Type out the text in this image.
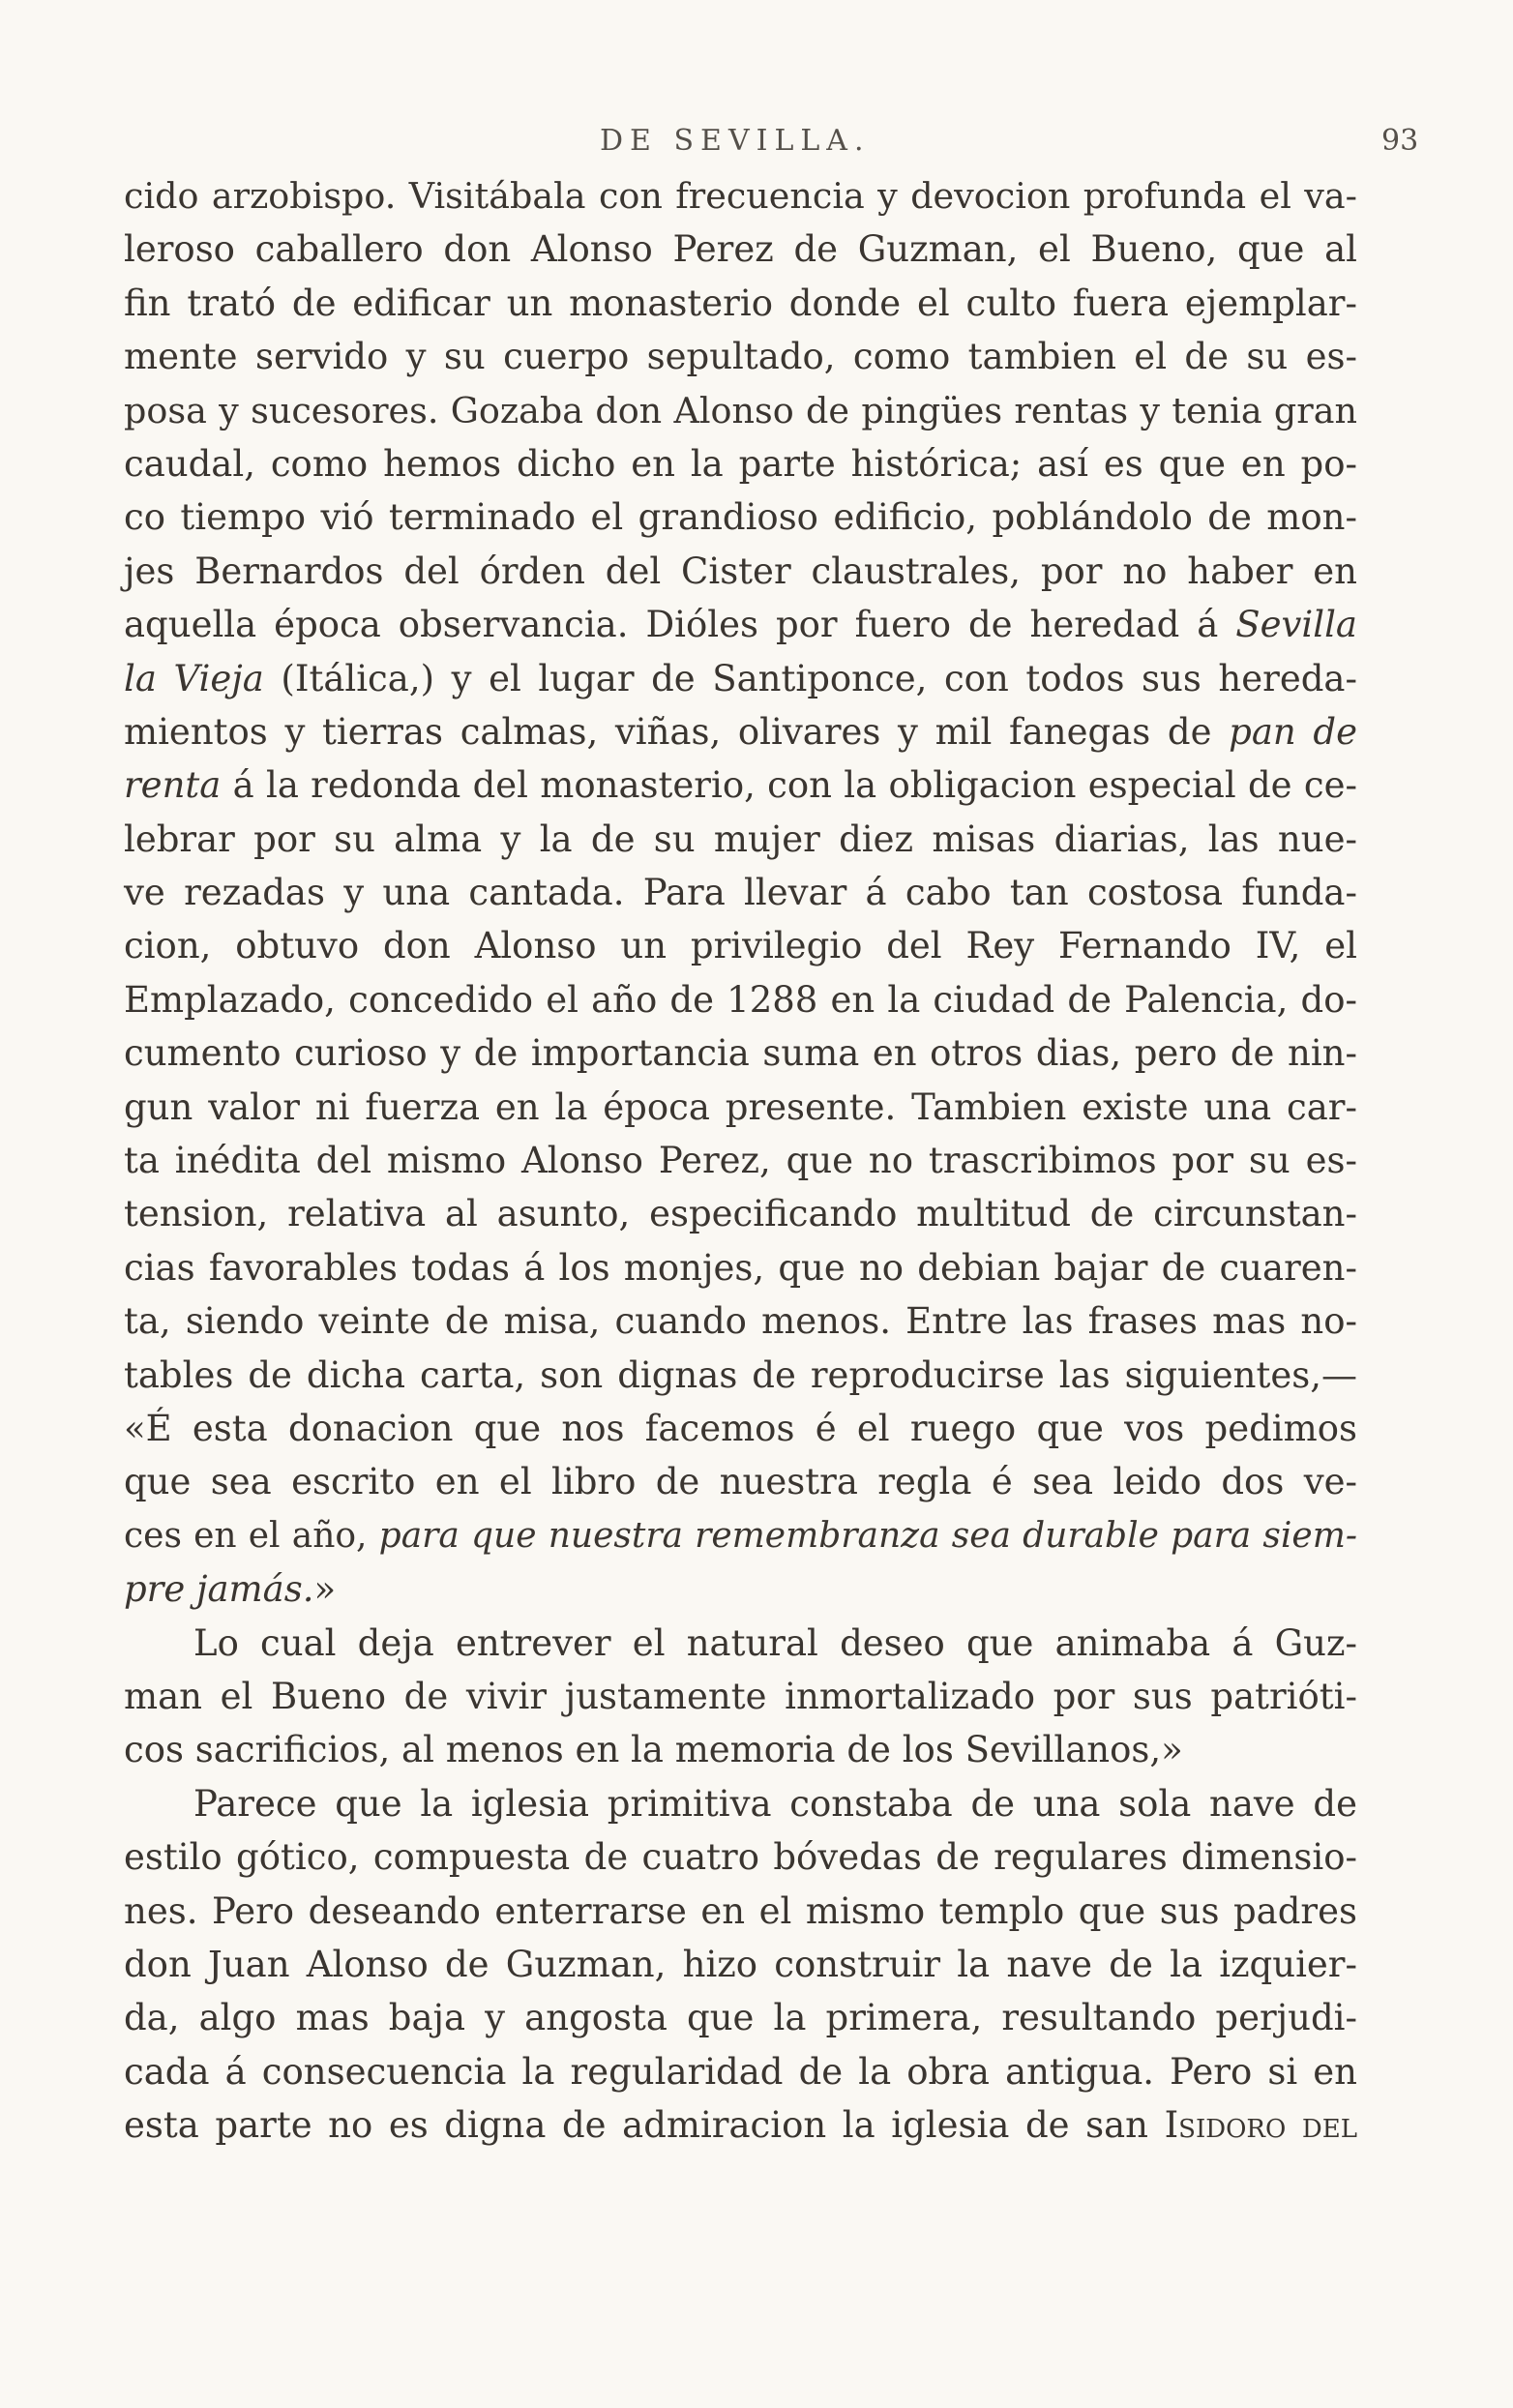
DE SEVILLA.	93
cido arzobispo. Visitábala con frecuencia y devocion profunda el va-
leroso caballero don Alonso Perez de Guzman, el Bueno, que al
fin trató de edificar un monasterio donde el culto fuera ejemplar-
mente servido y su cuerpo sepultado, como tambien el de su es-
posa y sucesores. Gozaba don Alonso de pingües rentas y tenia gran
caudal, como hemos dicho en la parte histórica; así es que en po-
co tiempo vió terminado el grandioso edificio, poblándolo de mon-
jes Bernardos del órden del Cister claustrales, por no haber en
aquella época observancia. Dióles por fuero de heredad á Sevilla
la Vieja (Itálica,) y el lugar de Santiponce, con todos sus hereda-
mientos y tierras calmas, viñas, olivares y mil fanegas de pan de
renta á la redonda del monasterio, con la obligacion especial de ce-
lebrar por su alma y la de su mujer diez misas diarias, las nue-
ve rezadas y una cantada. Para llevar á cabo tan costosa funda-
cion, obtuvo don Alonso un privilegio del Rey Fernando IV, el
Emplazado, concedido el año de 1288 en la ciudad de Palencia, do-
cumento curioso y de importancia suma en otros dias, pero de nin-
gun valor ni fuerza en la época presente. Tambien existe una car-
ta inédita del mismo Alonso Perez, que no trascribimos por su es-
tension, relativa al asunto, especificando multitud de circunstan-
cias favorables todas á los monjes, que no debian bajar de cuaren-
ta, siendo veinte de misa, cuando menos. Entre las frases mas no-
tables de dicha carta, son dignas de reproducirse las siguientes,—
«É esta donacion que nos facemos é el ruego que vos pedimos
que sea escrito en el libro de nuestra regla é sea leido dos ve-
ces en el año, para que nuestra remembranza sea durable para siem-
pre jamás.»
Lo cual deja entrever el natural deseo que animaba á Guz-
man el Bueno de vivir justamente inmortalizado por sus patrióti-
cos sacrificios, al menos en la memoria de los Sevillanos,»
Parece que la iglesia primitiva constaba de una sola nave de
estilo gótico, compuesta de cuatro bóvedas de regulares dimensio-
nes. Pero deseando enterrarse en el mismo templo que sus padres
don Juan Alonso de Guzman, hizo construir la nave de la izquier-
da, algo mas baja y angosta que la primera, resultando perjudi-
cada á consecuencia la regularidad de la obra antigua. Pero si en
esta parte no es digna de admiracion la iglesia de san Isidoro del
